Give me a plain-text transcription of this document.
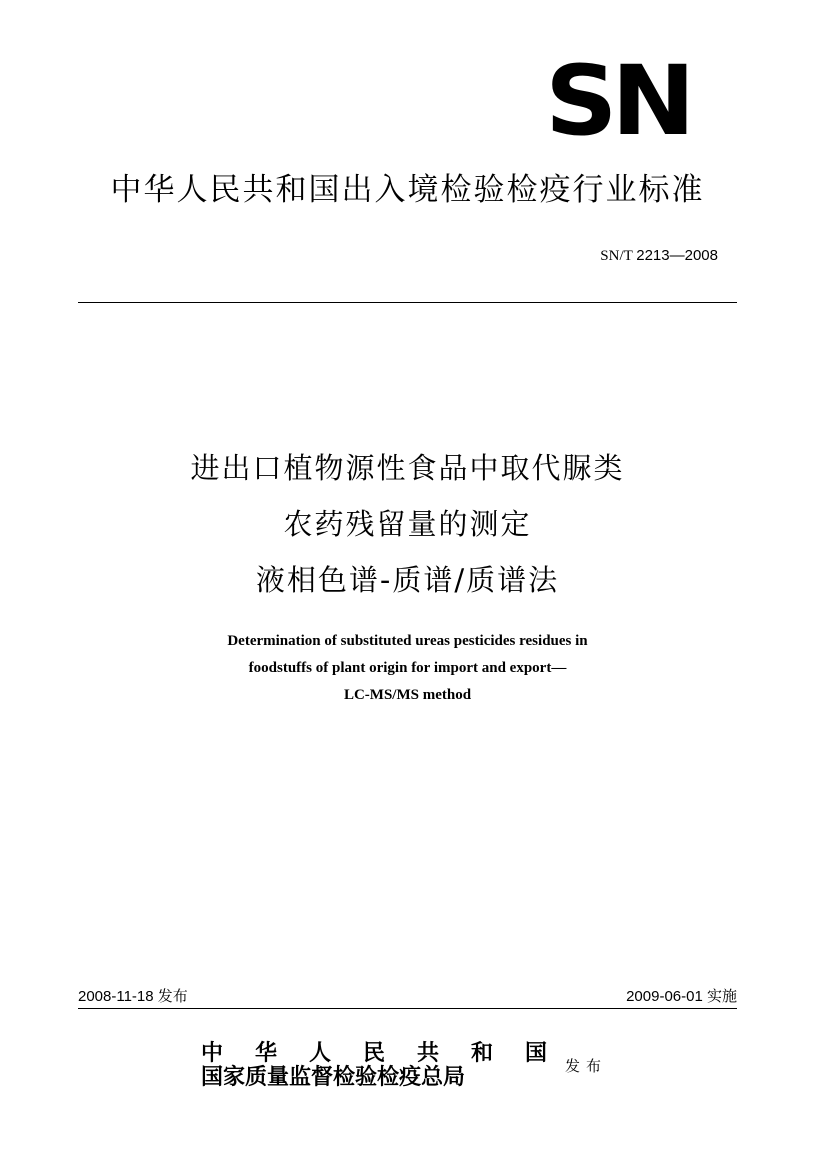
SN
中华人民共和国出入境检验检疫行业标准
SN/T 2213—2008
进出口植物源性食品中取代脲类
农药残留量的测定
液相色谱-质谱/质谱法
Determination of substituted ureas pesticides residues in
foodstuffs of plant origin for import and export—
LC-MS/MS method
2008-11-18 发布	2009-06-01 实施
中 华 人 民 共 和 国
国家质量监督检验检疫总局	发布
